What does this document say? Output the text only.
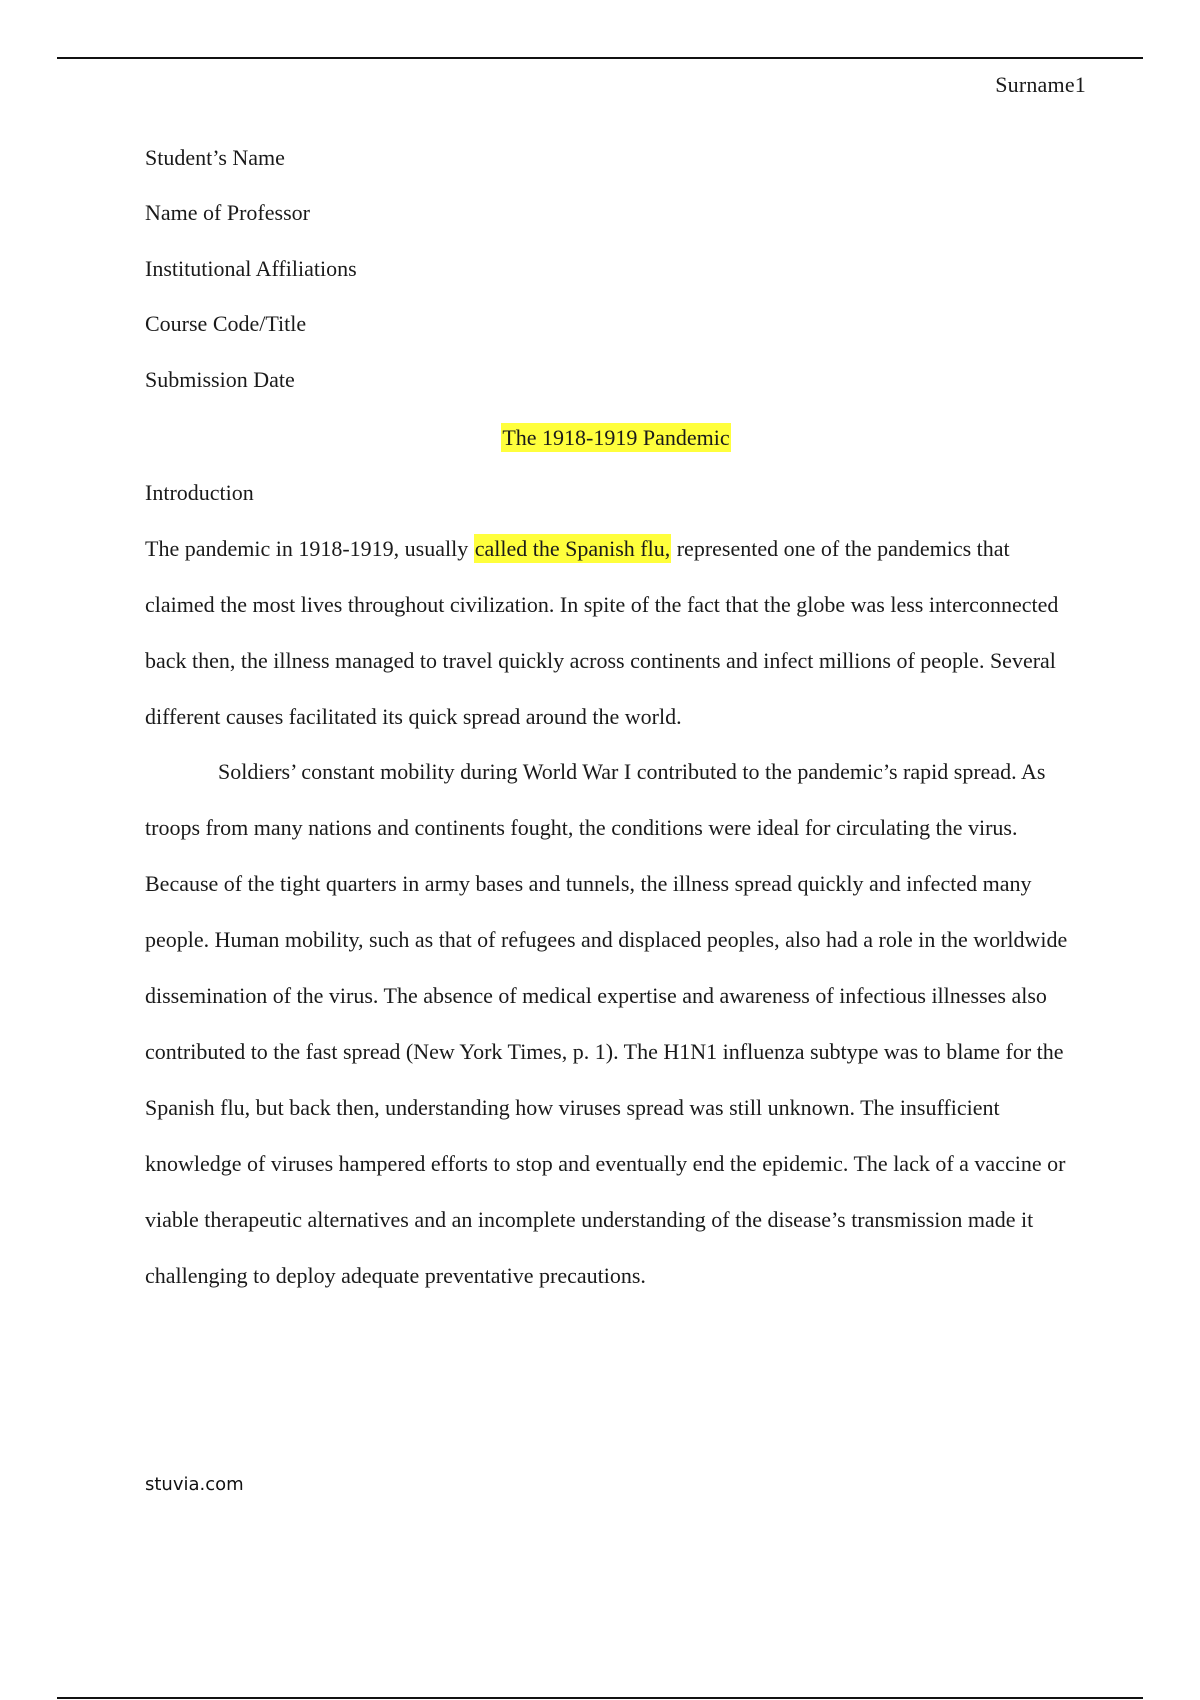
Surname1
Student’s Name
Name of Professor
Institutional Affiliations
Course Code/Title
Submission Date
The 1918-1919 Pandemic
Introduction

The pandemic in 1918-1919, usually called the Spanish flu, represented one of the pandemics that claimed the most lives throughout civilization. In spite of the fact that the globe was less interconnected back then, the illness managed to travel quickly across continents and infect millions of people. Several different causes facilitated its quick spread around the world.

Soldiers’ constant mobility during World War I contributed to the pandemic’s rapid spread. As troops from many nations and continents fought, the conditions were ideal for circulating the virus. Because of the tight quarters in army bases and tunnels, the illness spread quickly and infected many people. Human mobility, such as that of refugees and displaced peoples, also had a role in the worldwide dissemination of the virus. The absence of medical expertise and awareness of infectious illnesses also contributed to the fast spread (New York Times, p. 1). The H1N1 influenza subtype was to blame for the Spanish flu, but back then, understanding how viruses spread was still unknown. The insufficient knowledge of viruses hampered efforts to stop and eventually end the epidemic. The lack of a vaccine or viable therapeutic alternatives and an incomplete understanding of the disease’s transmission made it challenging to deploy adequate preventative precautions.

stuvia.com
